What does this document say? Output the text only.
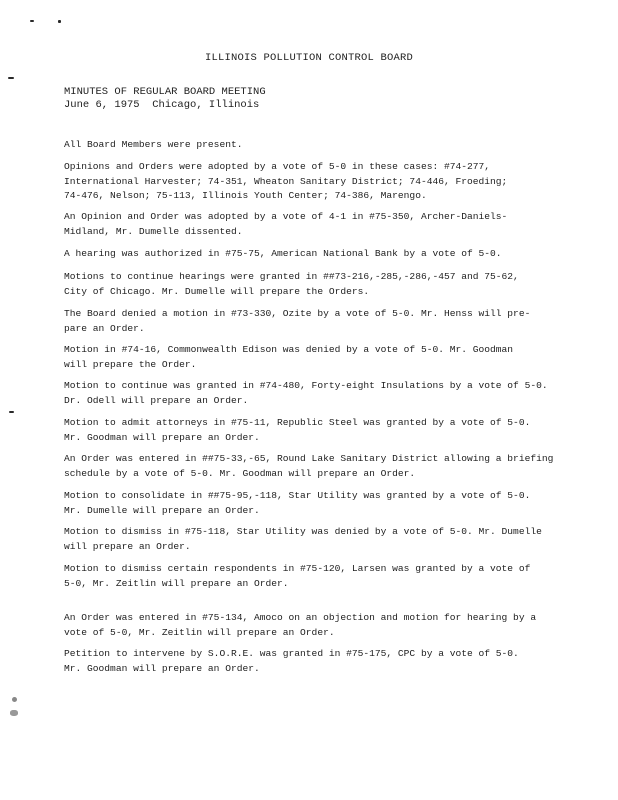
ILLINOIS POLLUTION CONTROL BOARD
MINUTES OF REGULAR BOARD MEETING
June 6, 1975  Chicago, Illinois

All Board Members were present.

Opinions and Orders were adopted by a vote of 5-0 in these cases: #74-277,
International Harvester; 74-351, Wheaton Sanitary District; 74-446, Froeding;
74-476, Nelson; 75-113, Illinois Youth Center; 74-386, Marengo.

An Opinion and Order was adopted by a vote of 4-1 in #75-350, Archer-Daniels-
Midland, Mr. Dumelle dissented.

A hearing was authorized in #75-75, American National Bank by a vote of 5-0.

Motions to continue hearings were granted in ##73-216,-285,-286,-457 and 75-62,
City of Chicago. Mr. Dumelle will prepare the Orders.

The Board denied a motion in #73-330, Ozite by a vote of 5-0. Mr. Henss will pre-
pare an Order.

Motion in #74-16, Commonwealth Edison was denied by a vote of 5-0. Mr. Goodman
will prepare the Order.

Motion to continue was granted in #74-480, Forty-eight Insulations by a vote of 5-0.
Dr. Odell will prepare an Order.

Motion to admit attorneys in #75-11, Republic Steel was granted by a vote of 5-0.
Mr. Goodman will prepare an Order.

An Order was entered in ##75-33,-65, Round Lake Sanitary District allowing a briefing
schedule by a vote of 5-0. Mr. Goodman will prepare an Order.

Motion to consolidate in ##75-95,-118, Star Utility was granted by a vote of 5-0.
Mr. Dumelle will prepare an Order.

Motion to dismiss in #75-118, Star Utility was denied by a vote of 5-0. Mr. Dumelle
will prepare an Order.

Motion to dismiss certain respondents in #75-120, Larsen was granted by a vote of
5-0, Mr. Zeitlin will prepare an Order.

An Order was entered in #75-134, Amoco on an objection and motion for hearing by a
vote of 5-0, Mr. Zeitlin will prepare an Order.

Petition to intervene by S.O.R.E. was granted in #75-175, CPC by a vote of 5-0.
Mr. Goodman will prepare an Order.
